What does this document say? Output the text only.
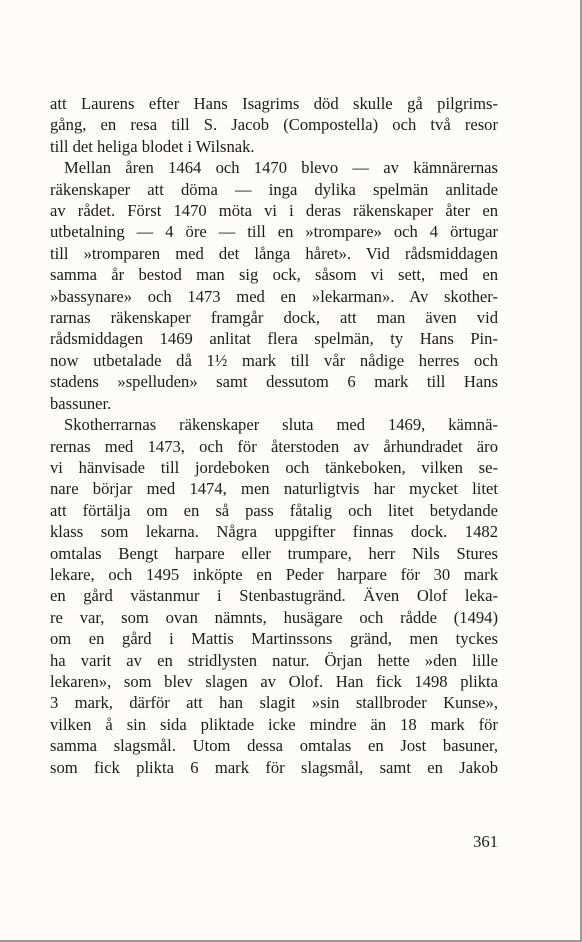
att Laurens efter Hans Isagrims död skulle gå pilgrims-
gång, en resa till S. Jacob (Compostella) och två resor
till det heliga blodet i Wilsnak.
Mellan åren 1464 och 1470 blevo — av kämnärernas
räkenskaper att döma — inga dylika spelmän anlitade
av rådet. Först 1470 möta vi i deras räkenskaper åter en
utbetalning — 4 öre — till en »trompare» och 4 örtugar
till »tromparen med det långa håret». Vid rådsmiddagen
samma år bestod man sig ock, såsom vi sett, med en
»bassynare» och 1473 med en »lekarman». Av skother-
rarnas räkenskaper framgår dock, att man även vid
rådsmiddagen 1469 anlitat flera spelmän, ty Hans Pin-
now utbetalade då 1½ mark till vår nådige herres och
stadens »spelluden» samt dessutom 6 mark till Hans
bassuner.
Skotherrarnas räkenskaper sluta med 1469, kämnä-
rernas med 1473, och för återstoden av århundradet äro
vi hänvisade till jordeboken och tänkeboken, vilken se-
nare börjar med 1474, men naturligtvis har mycket litet
att förtälja om en så pass fåtalig och litet betydande
klass som lekarna. Några uppgifter finnas dock. 1482
omtalas Bengt harpare eller trumpare, herr Nils Stures
lekare, och 1495 inköpte en Peder harpare för 30 mark
en gård västanmur i Stenbastugränd. Även Olof leka-
re var, som ovan nämnts, husägare och rådde (1494)
om en gård i Mattis Martinssons gränd, men tyckes
ha varit av en stridlysten natur. Örjan hette »den lille
lekaren», som blev slagen av Olof. Han fick 1498 plikta
3 mark, därför att han slagit »sin stallbroder Kunse»,
vilken å sin sida pliktade icke mindre än 18 mark för
samma slagsmål. Utom dessa omtalas en Jost basuner,
som fick plikta 6 mark för slagsmål, samt en Jakob
361
